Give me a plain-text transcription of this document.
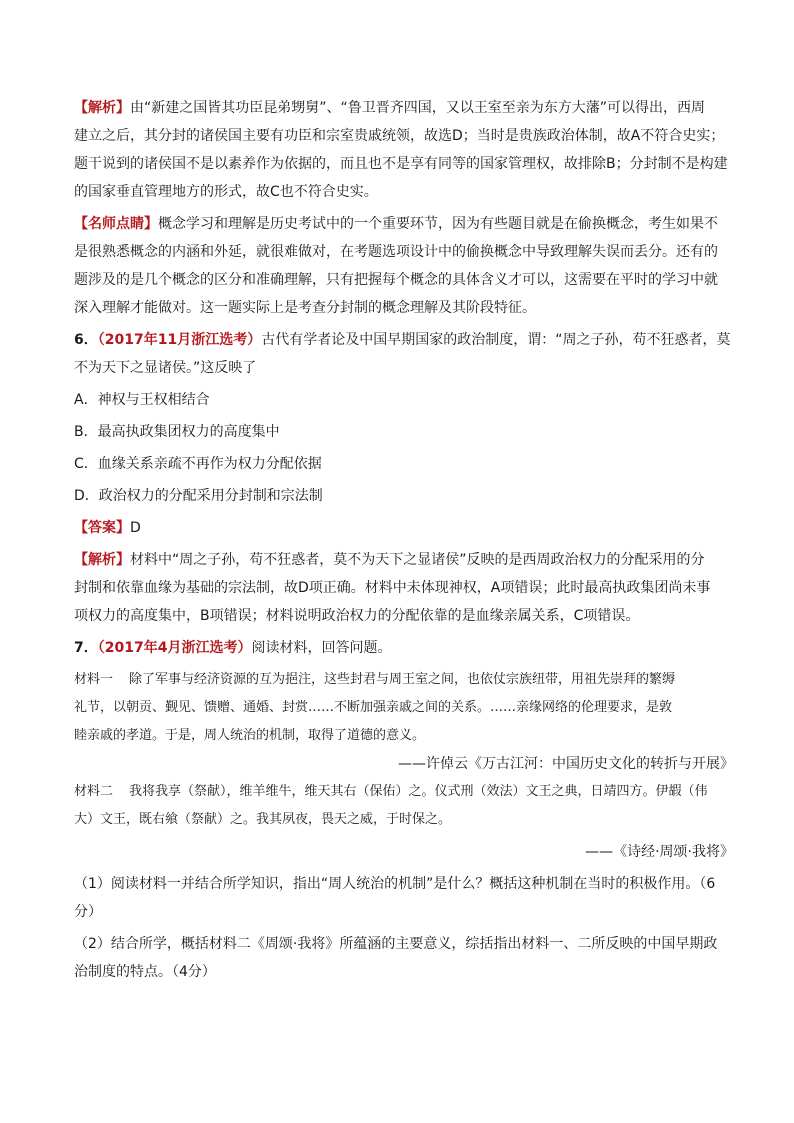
【解析】由“新建之国皆其功臣昆弟甥舅”、“鲁卫晋齐四国，又以王室至亲为东方大藩”可以得出，西周

建立之后，其分封的诸侯国主要有功臣和宗室贵戚统领，故选D；当时是贵族政治体制，故A不符合史实；

题干说到的诸侯国不是以素养作为依据的，而且也不是享有同等的国家管理权，故排除B；分封制不是构建

的国家垂直管理地方的形式，故C也不符合史实。

【名师点睛】概念学习和理解是历史考试中的一个重要环节，因为有些题目就是在偷换概念，考生如果不

是很熟悉概念的内涵和外延，就很难做对，在考题选项设计中的偷换概念中导致理解失误而丢分。还有的

题涉及的是几个概念的区分和准确理解，只有把握每个概念的具体含义才可以，这需要在平时的学习中就

深入理解才能做对。这一题实际上是考查分封制的概念理解及其阶段特征。

6．（2017年11月浙江选考）古代有学者论及中国早期国家的政治制度，谓：“周之子孙，苟不狂惑者，莫

不为天下之显诸侯。”这反映了

A．神权与王权相结合

B．最高执政集团权力的高度集中

C．血缘关系亲疏不再作为权力分配依据

D．政治权力的分配采用分封制和宗法制

【答案】D

【解析】材料中“周之子孙，苟不狂惑者，莫不为天下之显诸侯”反映的是西周政治权力的分配采用的分

封制和依靠血缘为基础的宗法制，故D项正确。材料中未体现神权，A项错误；此时最高执政集团尚未事

项权力的高度集中，B项错误；材料说明政治权力的分配依靠的是血缘亲属关系，C项错误。

7．（2017年4月浙江选考）阅读材料，回答问题。

材料一 除了军事与经济资源的互为挹注，这些封君与周王室之间，也依仗宗族纽带，用祖先崇拜的繁缛

礼节，以朝贡、觐见、馈赠、通婚、封赏……不断加强亲戚之间的关系。……亲缘网络的伦理要求，是敦

睦亲戚的孝道。于是，周人统治的机制，取得了道德的意义。

——许倬云《万古江河：中国历史文化的转折与开展》

材料二 我将我享（祭献），维羊维牛，维天其右（保佑）之。仪式刑（效法）文王之典，日靖四方。伊嘏（伟

大）文王，既右飨（祭献）之。我其夙夜，畏天之威，于时保之。

——《诗经·周颂·我将》

（1）阅读材料一并结合所学知识，指出“周人统治的机制”是什么？概括这种机制在当时的积极作用。（6

分）

（2）结合所学，概括材料二《周颂·我将》所蕴涵的主要意义，综括指出材料一、二所反映的中国早期政

治制度的特点。（4分）
